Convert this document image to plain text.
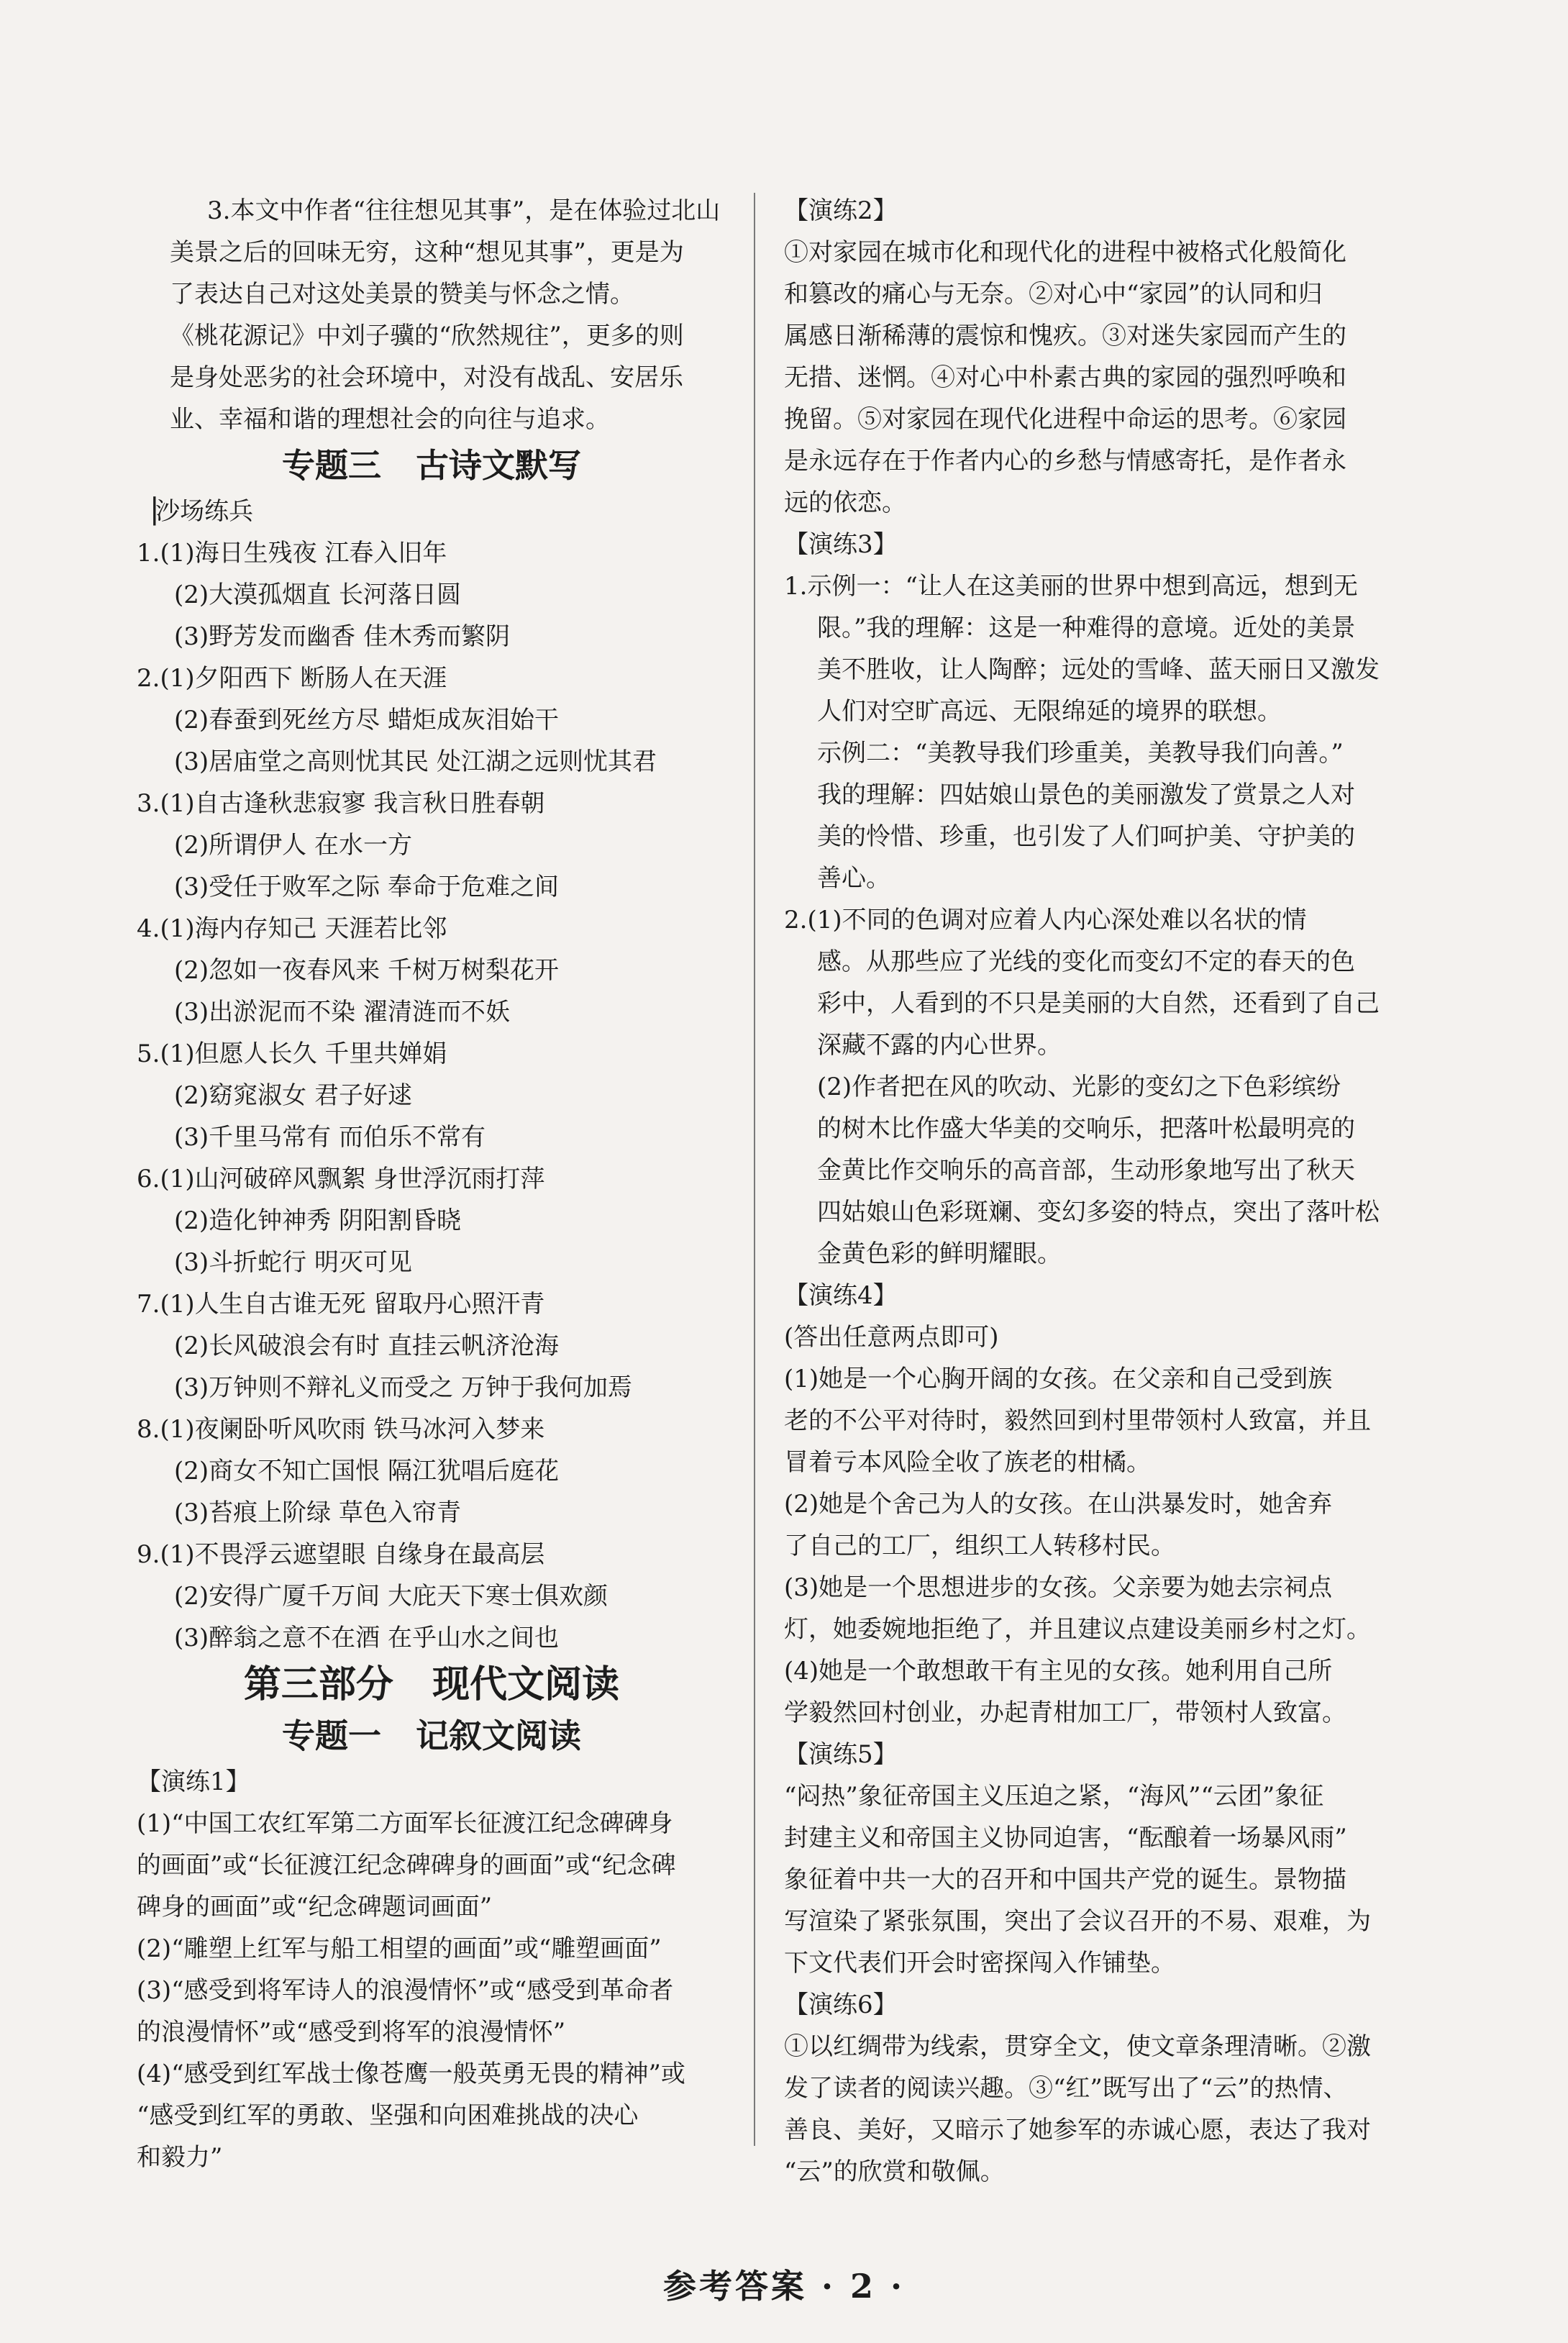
3.本文中作者“往往想见其事”，是在体验过北山
美景之后的回味无穷，这种“想见其事”，更是为
了表达自己对这处美景的赞美与怀念之情。
《桃花源记》中刘子骥的“欣然规往”，更多的则
是身处恶劣的社会环境中，对没有战乱、安居乐
业、幸福和谐的理想社会的向往与追求。
专题三   古诗文默写
▕沙场练兵
1.(1)海日生残夜 江春入旧年
(2)大漠孤烟直 长河落日圆
(3)野芳发而幽香 佳木秀而繁阴
2.(1)夕阳西下 断肠人在天涯
(2)春蚕到死丝方尽 蜡炬成灰泪始干
(3)居庙堂之高则忧其民 处江湖之远则忧其君
3.(1)自古逢秋悲寂寥 我言秋日胜春朝
(2)所谓伊人 在水一方
(3)受任于败军之际 奉命于危难之间
4.(1)海内存知己 天涯若比邻
(2)忽如一夜春风来 千树万树梨花开
(3)出淤泥而不染 濯清涟而不妖
5.(1)但愿人长久 千里共婵娟
(2)窈窕淑女 君子好逑
(3)千里马常有 而伯乐不常有
6.(1)山河破碎风飘絮 身世浮沉雨打萍
(2)造化钟神秀 阴阳割昏晓
(3)斗折蛇行 明灭可见
7.(1)人生自古谁无死 留取丹心照汗青
(2)长风破浪会有时 直挂云帆济沧海
(3)万钟则不辩礼义而受之 万钟于我何加焉
8.(1)夜阑卧听风吹雨 铁马冰河入梦来
(2)商女不知亡国恨 隔江犹唱后庭花
(3)苔痕上阶绿 草色入帘青
9.(1)不畏浮云遮望眼 自缘身在最高层
(2)安得广厦千万间 大庇天下寒士俱欢颜
(3)醉翁之意不在酒 在乎山水之间也
第三部分   现代文阅读
专题一   记叙文阅读
【演练1】
(1)“中国工农红军第二方面军长征渡江纪念碑碑身
的画面”或“长征渡江纪念碑碑身的画面”或“纪念碑
碑身的画面”或“纪念碑题词画面”
(2)“雕塑上红军与船工相望的画面”或“雕塑画面”
(3)“感受到将军诗人的浪漫情怀”或“感受到革命者
的浪漫情怀”或“感受到将军的浪漫情怀”
(4)“感受到红军战士像苍鹰一般英勇无畏的精神”或
“感受到红军的勇敢、坚强和向困难挑战的决心
和毅力”
【演练2】
①对家园在城市化和现代化的进程中被格式化般简化
和篡改的痛心与无奈。②对心中“家园”的认同和归
属感日渐稀薄的震惊和愧疚。③对迷失家园而产生的
无措、迷惘。④对心中朴素古典的家园的强烈呼唤和
挽留。⑤对家园在现代化进程中命运的思考。⑥家园
是永远存在于作者内心的乡愁与情感寄托，是作者永
远的依恋。
【演练3】
1.示例一：“让人在这美丽的世界中想到高远，想到无
限。”我的理解：这是一种难得的意境。近处的美景
美不胜收，让人陶醉；远处的雪峰、蓝天丽日又激发
人们对空旷高远、无限绵延的境界的联想。
示例二：“美教导我们珍重美，美教导我们向善。”
我的理解：四姑娘山景色的美丽激发了赏景之人对
美的怜惜、珍重，也引发了人们呵护美、守护美的
善心。
2.(1)不同的色调对应着人内心深处难以名状的情
感。从那些应了光线的变化而变幻不定的春天的色
彩中，人看到的不只是美丽的大自然，还看到了自己
深藏不露的内心世界。
(2)作者把在风的吹动、光影的变幻之下色彩缤纷
的树木比作盛大华美的交响乐，把落叶松最明亮的
金黄比作交响乐的高音部，生动形象地写出了秋天
四姑娘山色彩斑斓、变幻多姿的特点，突出了落叶松
金黄色彩的鲜明耀眼。
【演练4】
(答出任意两点即可)
(1)她是一个心胸开阔的女孩。在父亲和自己受到族
老的不公平对待时，毅然回到村里带领村人致富，并且
冒着亏本风险全收了族老的柑橘。
(2)她是个舍己为人的女孩。在山洪暴发时，她舍弃
了自己的工厂，组织工人转移村民。
(3)她是一个思想进步的女孩。父亲要为她去宗祠点
灯，她委婉地拒绝了，并且建议点建设美丽乡村之灯。
(4)她是一个敢想敢干有主见的女孩。她利用自己所
学毅然回村创业，办起青柑加工厂，带领村人致富。
【演练5】
“闷热”象征帝国主义压迫之紧，“海风”“云团”象征
封建主义和帝国主义协同迫害，“酝酿着一场暴风雨”
象征着中共一大的召开和中国共产党的诞生。景物描
写渲染了紧张氛围，突出了会议召开的不易、艰难，为
下文代表们开会时密探闯入作铺垫。
【演练6】
①以红绸带为线索，贯穿全文，使文章条理清晰。②激
发了读者的阅读兴趣。③“红”既写出了“云”的热情、
善良、美好，又暗示了她参军的赤诚心愿，表达了我对
“云”的欣赏和敬佩。
参考答案 · 2 ·
